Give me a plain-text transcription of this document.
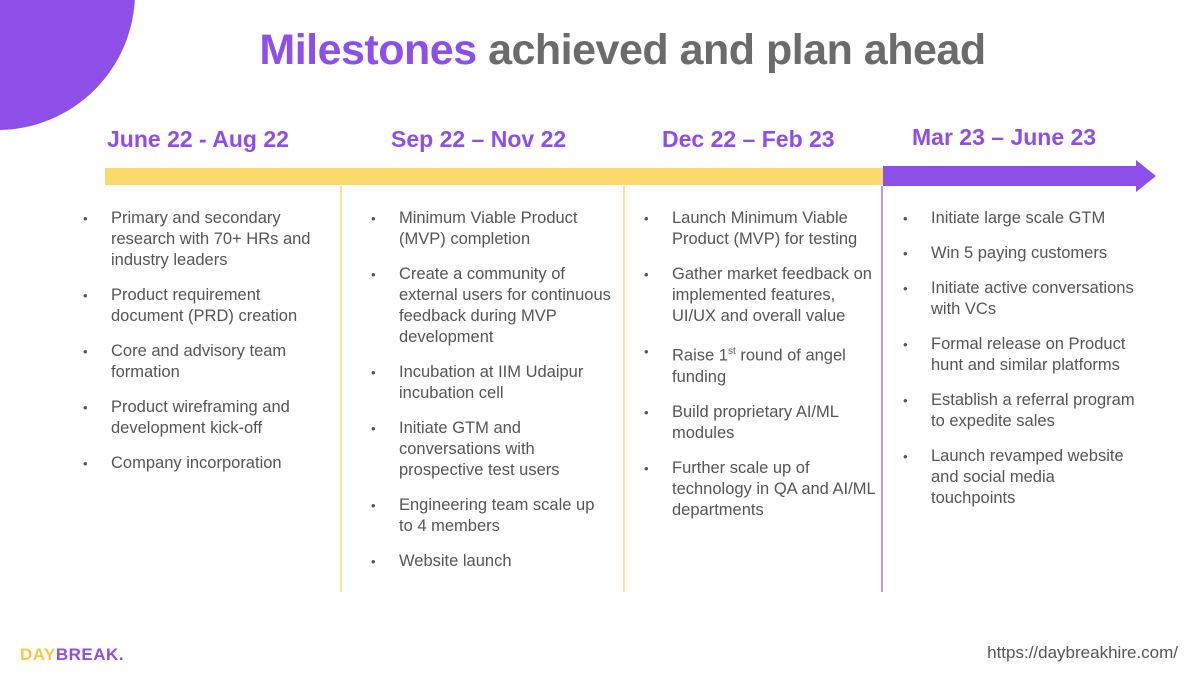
Milestones achieved and plan ahead
June 22 - Aug 22	Sep 22 – Nov 22	Dec 22 – Feb 23	Mar 23 – June 23
• Primary and secondary research with 70+ HRs and industry leaders
• Product requirement document (PRD) creation
• Core and advisory team formation
• Product wireframing and development kick-off
• Company incorporation
• Minimum Viable Product (MVP) completion
• Create a community of external users for continuous feedback during MVP development
• Incubation at IIM Udaipur incubation cell
• Initiate GTM and conversations with prospective test users
• Engineering team scale up to 4 members
• Website launch
• Launch Minimum Viable Product (MVP) for testing
• Gather market feedback on implemented features, UI/UX and overall value
• Raise 1st round of angel funding
• Build proprietary AI/ML modules
• Further scale up of technology in QA and AI/ML departments
• Initiate large scale GTM
• Win 5 paying customers
• Initiate active conversations with VCs
• Formal release on Product hunt and similar platforms
• Establish a referral program to expedite sales
• Launch revamped website and social media touchpoints
DAYBREAK.	https://daybreakhire.com/
